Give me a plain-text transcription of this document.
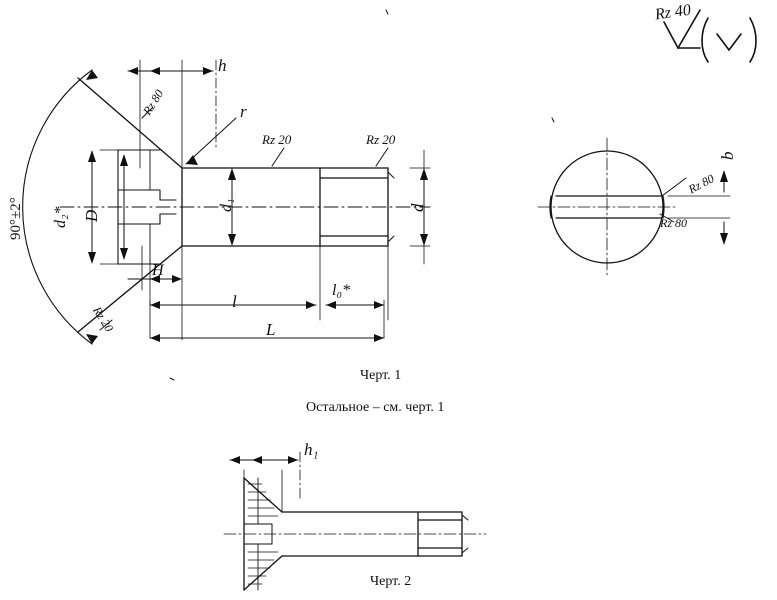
Rz 40
h
r
Rz 80
Rz 20	Rz 20
90°±2° d₂* D
d₁	d
H
Rz 20
l
l₀*
L
b
Rz 80
Rz 80
Черт. 1
Остальное – см. черт. 1
h₁
Черт. 2
